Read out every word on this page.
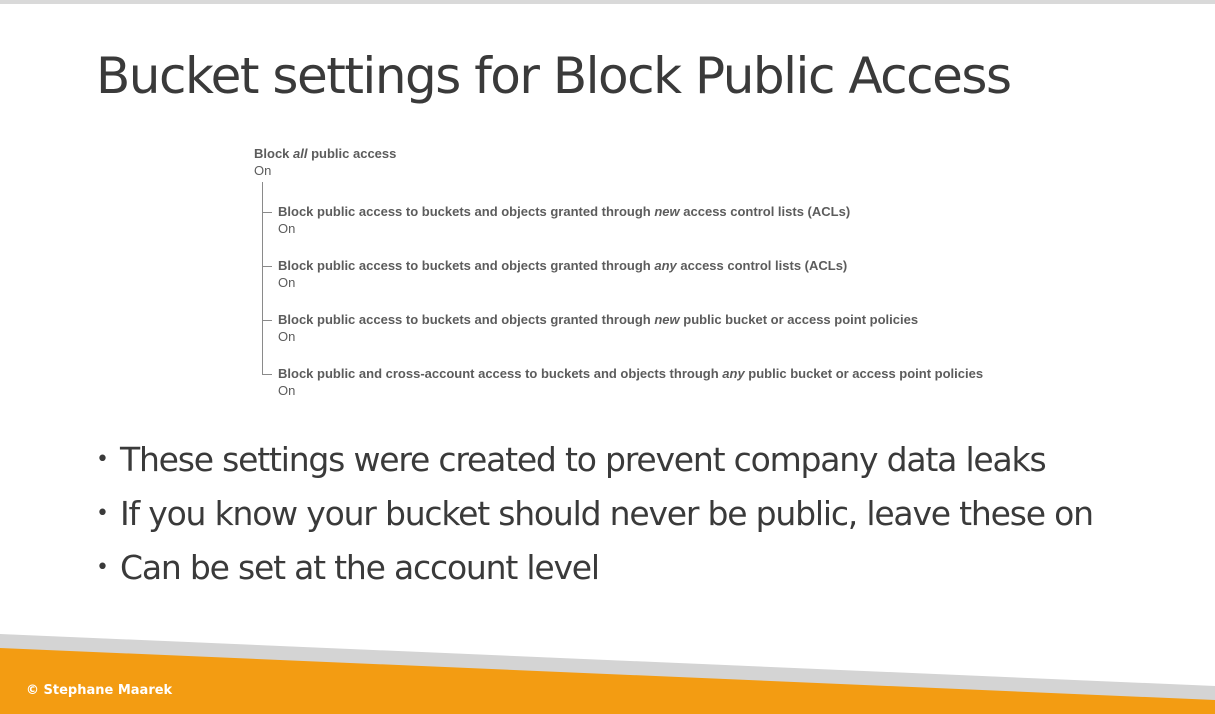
Bucket settings for Block Public Access
Block all public access
On
Block public access to buckets and objects granted through new access control lists (ACLs)
On
Block public access to buckets and objects granted through any access control lists (ACLs)
On
Block public access to buckets and objects granted through new public bucket or access point policies
On
Block public and cross-account access to buckets and objects through any public bucket or access point policies
On
• These settings were created to prevent company data leaks
• If you know your bucket should never be public, leave these on
• Can be set at the account level
© Stephane Maarek
